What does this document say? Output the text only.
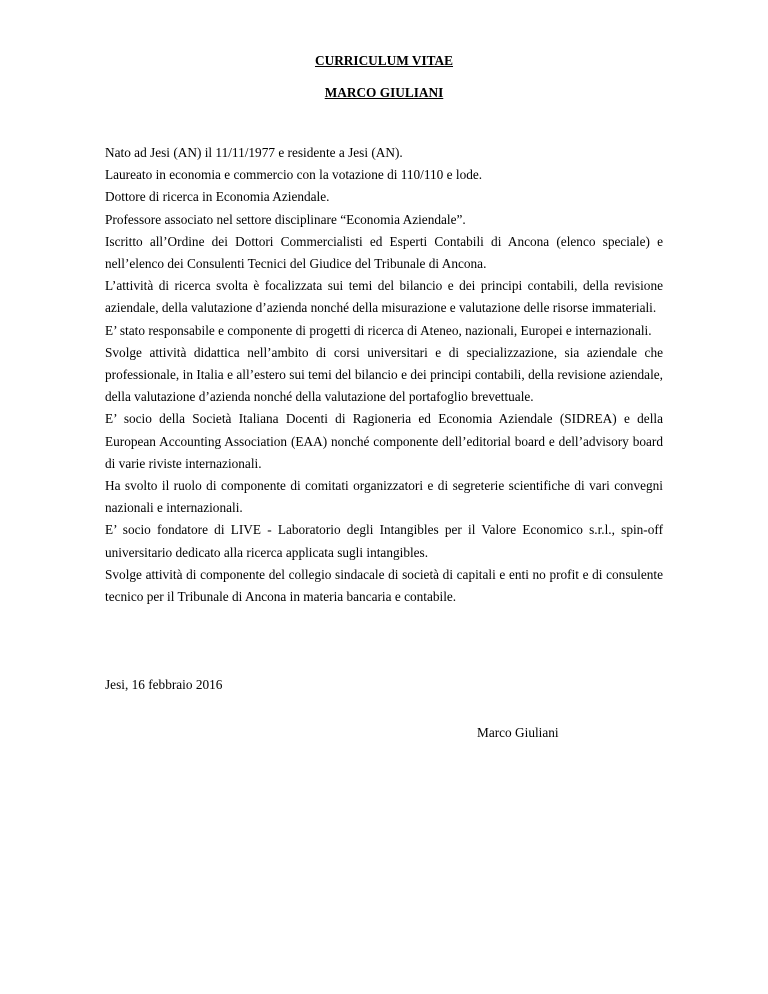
CURRICULUM VITAE
MARCO GIULIANI

Nato ad Jesi (AN) il 11/11/1977 e residente a Jesi (AN).

Laureato in economia e commercio con la votazione di 110/110 e lode.

Dottore di ricerca in Economia Aziendale.

Professore associato nel settore disciplinare “Economia Aziendale”.

Iscritto all’Ordine dei Dottori Commercialisti ed Esperti Contabili di Ancona (elenco speciale) e nell’elenco dei Consulenti Tecnici del Giudice del Tribunale di Ancona.

L’attività di ricerca svolta è focalizzata sui temi del bilancio e dei principi contabili, della revisione aziendale, della valutazione d’azienda nonché della misurazione e valutazione delle risorse immateriali.

E’ stato responsabile e componente di progetti di ricerca di Ateneo, nazionali, Europei e internazionali.

Svolge attività didattica nell’ambito di corsi universitari e di specializzazione, sia aziendale che professionale, in Italia e all’estero sui temi del bilancio e dei principi contabili, della revisione aziendale, della valutazione d’azienda nonché della valutazione del portafoglio brevettuale.

E’ socio della Società Italiana Docenti di Ragioneria ed Economia Aziendale (SIDREA) e della European Accounting Association (EAA) nonché componente dell’editorial board e dell’advisory board di varie riviste internazionali.

Ha svolto il ruolo di componente di comitati organizzatori e di segreterie scientifiche di vari convegni nazionali e internazionali.

E’ socio fondatore di LIVE - Laboratorio degli Intangibles per il Valore Economico s.r.l., spin-off universitario dedicato alla ricerca applicata sugli intangibles.

Svolge attività di componente del collegio sindacale di società di capitali e enti no profit e di consulente tecnico per il Tribunale di Ancona in materia bancaria e contabile.

Jesi, 16 febbraio 2016
Marco Giuliani
